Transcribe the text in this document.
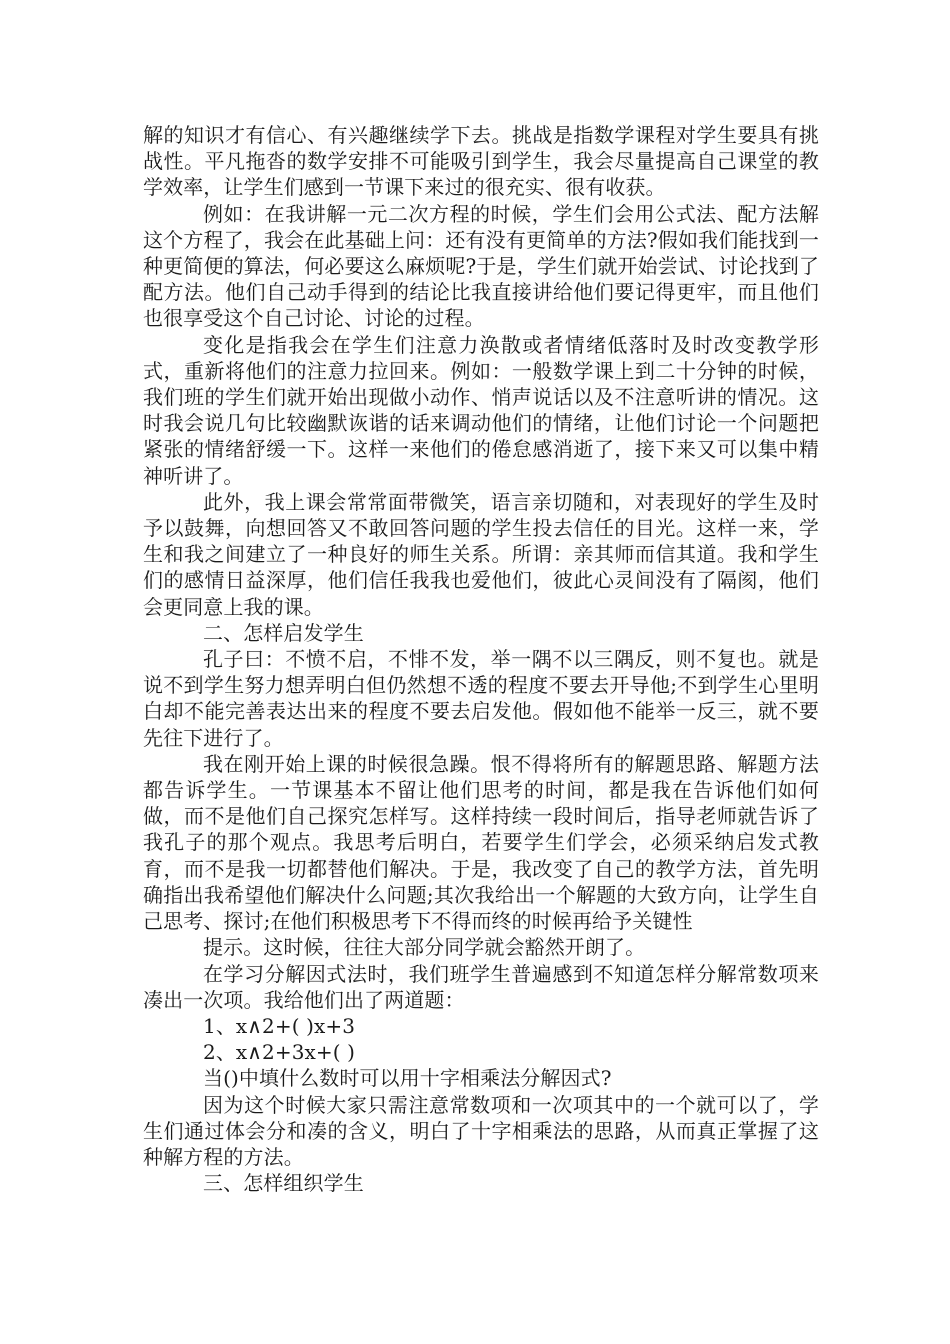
解的知识才有信心、有兴趣继续学下去。挑战是指数学课程对学生要具有挑战性。平凡拖沓的数学安排不可能吸引到学生，我会尽量提高自己课堂的教学效率，让学生们感到一节课下来过的很充实、很有收获。

例如：在我讲解一元二次方程的时候，学生们会用公式法、配方法解这个方程了，我会在此基础上问：还有没有更简单的方法?假如我们能找到一种更简便的算法，何必要这么麻烦呢?于是，学生们就开始尝试、讨论找到了配方法。他们自己动手得到的结论比我直接讲给他们要记得更牢，而且他们也很享受这个自己讨论、讨论的过程。

变化是指我会在学生们注意力涣散或者情绪低落时及时改变教学形式，重新将他们的注意力拉回来。例如：一般数学课上到二十分钟的时候，我们班的学生们就开始出现做小动作、悄声说话以及不注意听讲的情况。这时我会说几句比较幽默诙谐的话来调动他们的情绪，让他们讨论一个问题把紧张的情绪舒缓一下。这样一来他们的倦怠感消逝了，接下来又可以集中精神听讲了。

此外，我上课会常常面带微笑，语言亲切随和，对表现好的学生及时予以鼓舞，向想回答又不敢回答问题的学生投去信任的目光。这样一来，学生和我之间建立了一种良好的师生关系。所谓：亲其师而信其道。我和学生们的感情日益深厚，他们信任我我也爱他们，彼此心灵间没有了隔阂，他们会更同意上我的课。

二、怎样启发学生

孔子曰：不愤不启，不悱不发，举一隅不以三隅反，则不复也。就是说不到学生努力想弄明白但仍然想不透的程度不要去开导他;不到学生心里明白却不能完善表达出来的程度不要去启发他。假如他不能举一反三，就不要先往下进行了。

我在刚开始上课的时候很急躁。恨不得将所有的解题思路、解题方法都告诉学生。一节课基本不留让他们思考的时间，都是我在告诉他们如何做，而不是他们自己探究怎样写。这样持续一段时间后，指导老师就告诉了我孔子的那个观点。我思考后明白，若要学生们学会，必须采纳启发式教育，而不是我一切都替他们解决。于是，我改变了自己的教学方法，首先明确指出我希望他们解决什么问题;其次我给出一个解题的大致方向，让学生自己思考、探讨;在他们积极思考下不得而终的时候再给予关键性

提示。这时候，往往大部分同学就会豁然开朗了。

在学习分解因式法时，我们班学生普遍感到不知道怎样分解常数项来凑出一次项。我给他们出了两道题：

1、x∧2+( )x+3

2、x∧2+3x+( )

当()中填什么数时可以用十字相乘法分解因式?

因为这个时候大家只需注意常数项和一次项其中的一个就可以了，学生们通过体会分和凑的含义，明白了十字相乘法的思路，从而真正掌握了这种解方程的方法。

三、怎样组织学生
